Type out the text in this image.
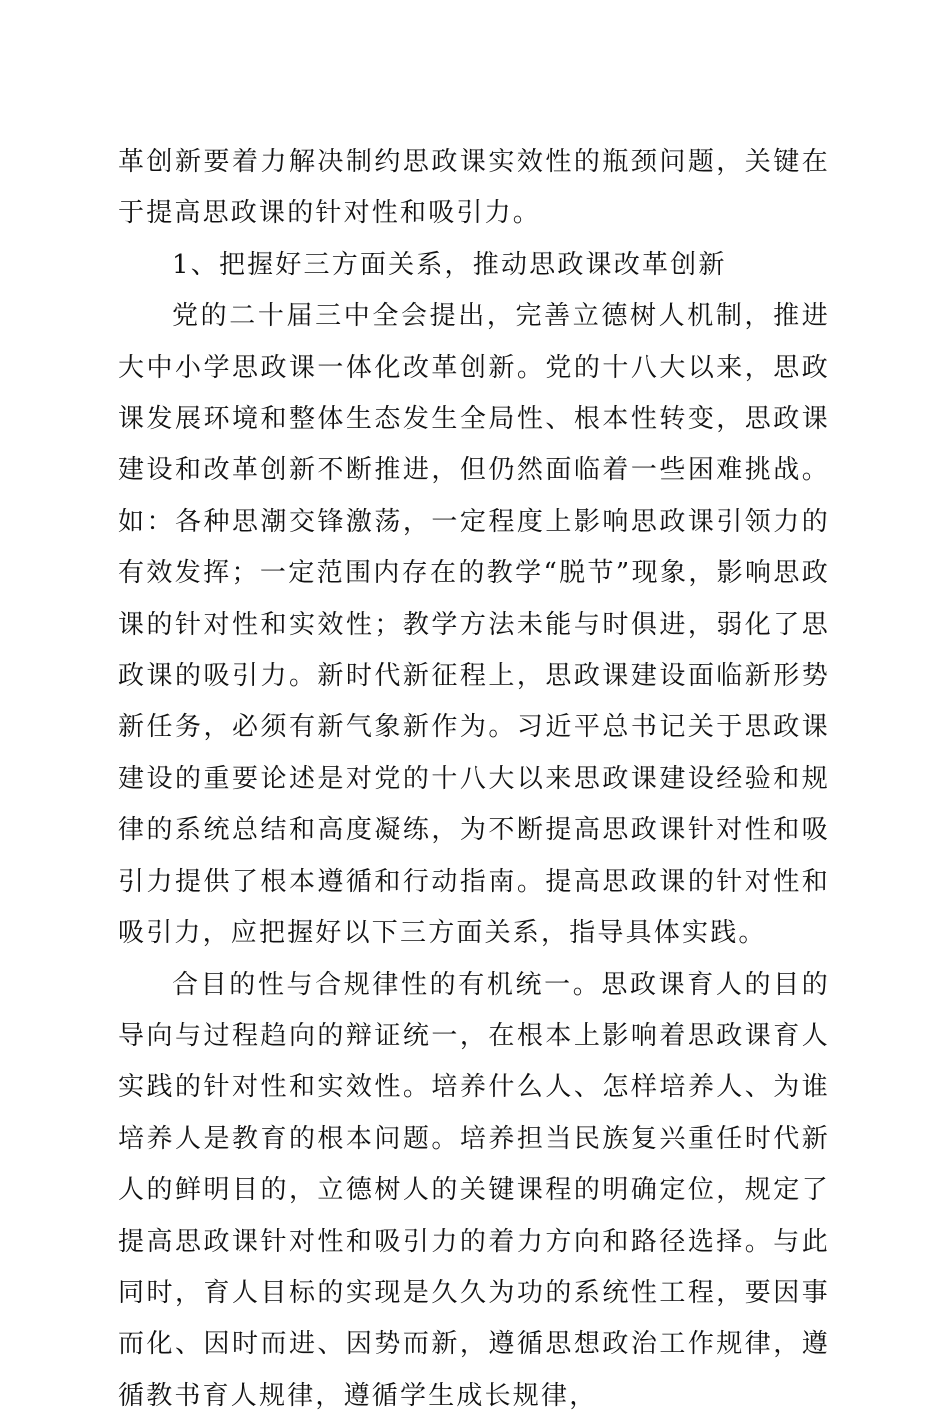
革创新要着力解决制约思政课实效性的瓶颈问题，关键在于提高思政课的针对性和吸引力。

1、把握好三方面关系，推动思政课改革创新

党的二十届三中全会提出，完善立德树人机制，推进大中小学思政课一体化改革创新。党的十八大以来，思政课发展环境和整体生态发生全局性、根本性转变，思政课建设和改革创新不断推进，但仍然面临着一些困难挑战。如：各种思潮交锋激荡，一定程度上影响思政课引领力的有效发挥；一定范围内存在的教学“脱节”现象，影响思政课的针对性和实效性；教学方法未能与时俱进，弱化了思政课的吸引力。新时代新征程上，思政课建设面临新形势新任务，必须有新气象新作为。习近平总书记关于思政课建设的重要论述是对党的十八大以来思政课建设经验和规律的系统总结和高度凝练，为不断提高思政课针对性和吸引力提供了根本遵循和行动指南。提高思政课的针对性和吸引力，应把握好以下三方面关系，指导具体实践。

合目的性与合规律性的有机统一。思政课育人的目的导向与过程趋向的辩证统一，在根本上影响着思政课育人实践的针对性和实效性。培养什么人、怎样培养人、为谁培养人是教育的根本问题。培养担当民族复兴重任时代新人的鲜明目的，立德树人的关键课程的明确定位，规定了提高思政课针对性和吸引力的着力方向和路径选择。与此同时，育人目标的实现是久久为功的系统性工程，要因事而化、因时而进、因势而新，遵循思想政治工作规律，遵循教书育人规律，遵循学生成长规律，
